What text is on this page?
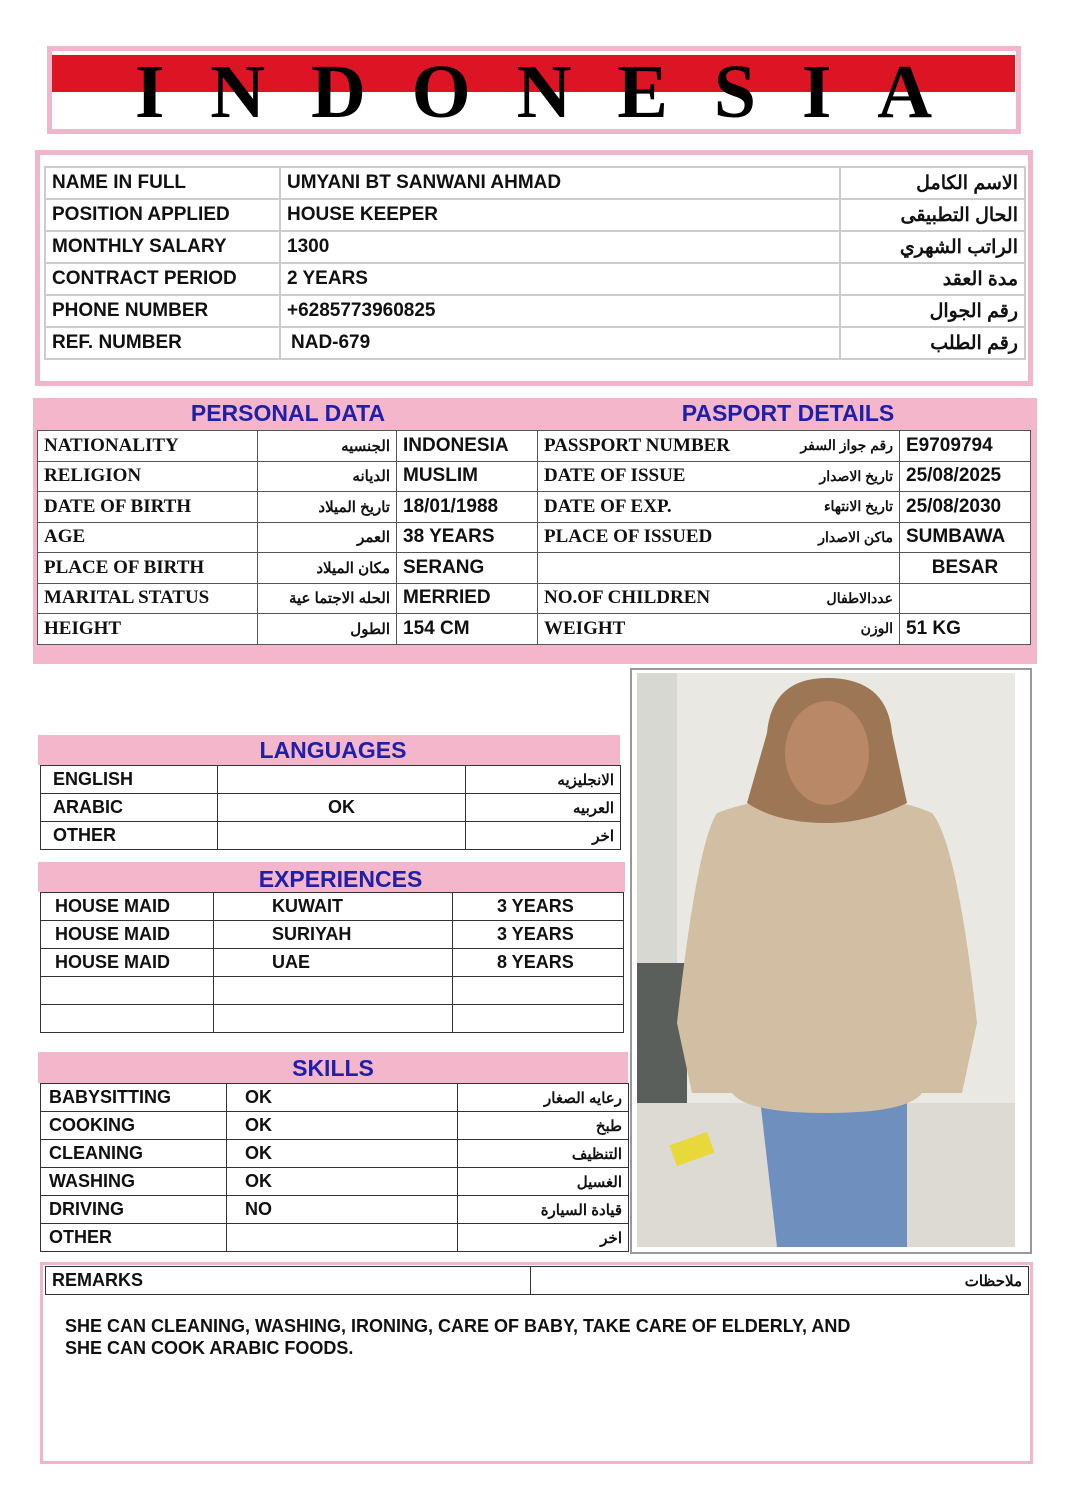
I N D O N E S I A
NAME IN FULL	UMYANI BT SANWANI AHMAD	الاسم الكامل
POSITION APPLIED	HOUSE KEEPER	الحال التطبيقى
MONTHLY SALARY	1300	الراتب الشهري
CONTRACT PERIOD	2 YEARS	مدة العقد
PHONE NUMBER	+6285773960825	رقم الجوال
REF. NUMBER	NAD-679	رقم الطلب
PERSONAL DATA	PASPORT DETAILS
NATIONALITY	الجنسيه	INDONESIA	PASSPORT NUMBER	رقم جواز السفر	E9709794
RELIGION	الديانه	MUSLIM	DATE OF ISSUE	تاريخ الاصدار	25/08/2025
DATE OF BIRTH	تاريخ الميلاد	18/01/1988	DATE OF EXP.	تاريخ الانتهاء	25/08/2030
AGE	العمر	38 YEARS	PLACE OF ISSUED	ماكن الاصدار	SUMBAWA
PLACE OF BIRTH	مكان الميلاد	SERANG			BESAR
MARITAL STATUS	الحله الاجتما عية	MERRIED	NO.OF CHILDREN	عددالاطفال	
HEIGHT	الطول	154 CM	WEIGHT	الوزن	51 KG
LANGUAGES
ENGLISH		الانجليزيه
ARABIC	OK	العربيه
OTHER		اخر
EXPERIENCES
HOUSE MAID	KUWAIT	3 YEARS
HOUSE MAID	SURIYAH	3 YEARS
HOUSE MAID	UAE	8 YEARS

SKILLS
BABYSITTING	OK	رعايه الصغار
COOKING	OK	طبخ
CLEANING	OK	التنظيف
WASHING	OK	الغسيل
DRIVING	NO	قيادة السيارة
OTHER		اخر
REMARKS	ملاحظات
SHE CAN CLEANING, WASHING, IRONING, CARE OF BABY, TAKE CARE OF ELDERLY, AND
SHE CAN COOK ARABIC FOODS.
